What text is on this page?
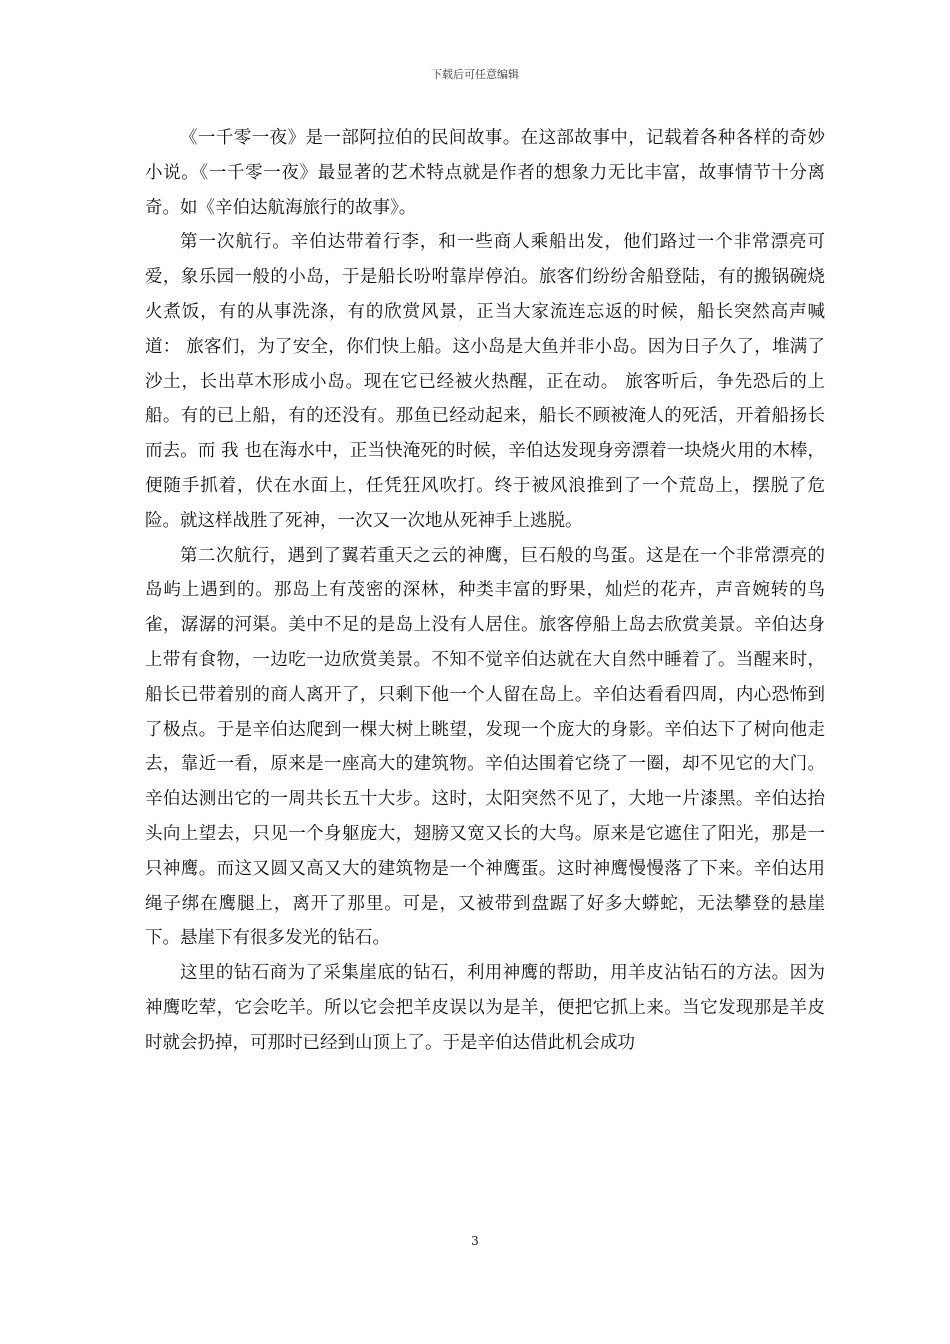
下载后可任意编辑

《一千零一夜》是一部阿拉伯的民间故事。在这部故事中，记载着各种各样的奇妙小说。《一千零一夜》最显著的艺术特点就是作者的想象力无比丰富，故事情节十分离奇。如《辛伯达航海旅行的故事》。

第一次航行。辛伯达带着行李，和一些商人乘船出发，他们路过一个非常漂亮可爱，象乐园一般的小岛，于是船长吩咐靠岸停泊。旅客们纷纷舍船登陆，有的搬锅碗烧火煮饭，有的从事洗涤，有的欣赏风景，正当大家流连忘返的时候，船长突然高声喊道： 旅客们，为了安全，你们快上船。这小岛是大鱼并非小岛。因为日子久了，堆满了沙土，长出草木形成小岛。现在它已经被火热醒，正在动。 旅客听后，争先恐后的上船。有的已上船，有的还没有。那鱼已经动起来，船长不顾被淹人的死活，开着船扬长而去。而 我 也在海水中，正当快淹死的时候，辛伯达发现身旁漂着一块烧火用的木棒，便随手抓着，伏在水面上，任凭狂风吹打。终于被风浪推到了一个荒岛上，摆脱了危险。就这样战胜了死神，一次又一次地从死神手上逃脱。

第二次航行，遇到了翼若重天之云的神鹰，巨石般的鸟蛋。这是在一个非常漂亮的岛屿上遇到的。那岛上有茂密的深林，种类丰富的野果，灿烂的花卉，声音婉转的鸟雀，潺潺的河渠。美中不足的是岛上没有人居住。旅客停船上岛去欣赏美景。辛伯达身上带有食物，一边吃一边欣赏美景。不知不觉辛伯达就在大自然中睡着了。当醒来时，船长已带着别的商人离开了，只剩下他一个人留在岛上。辛伯达看看四周，内心恐怖到了极点。于是辛伯达爬到一棵大树上眺望，发现一个庞大的身影。辛伯达下了树向他走去，靠近一看，原来是一座高大的建筑物。辛伯达围着它绕了一圈，却不见它的大门。辛伯达测出它的一周共长五十大步。这时，太阳突然不见了，大地一片漆黑。辛伯达抬头向上望去，只见一个身躯庞大，翅膀又宽又长的大鸟。原来是它遮住了阳光，那是一只神鹰。而这又圆又高又大的建筑物是一个神鹰蛋。这时神鹰慢慢落了下来。辛伯达用绳子绑在鹰腿上，离开了那里。可是，又被带到盘踞了好多大蟒蛇，无法攀登的悬崖下。悬崖下有很多发光的钻石。

这里的钻石商为了采集崖底的钻石，利用神鹰的帮助，用羊皮沾钻石的方法。因为神鹰吃荤，它会吃羊。所以它会把羊皮误以为是羊，便把它抓上来。当它发现那是羊皮时就会扔掉，可那时已经到山顶上了。于是辛伯达借此机会成功

3
